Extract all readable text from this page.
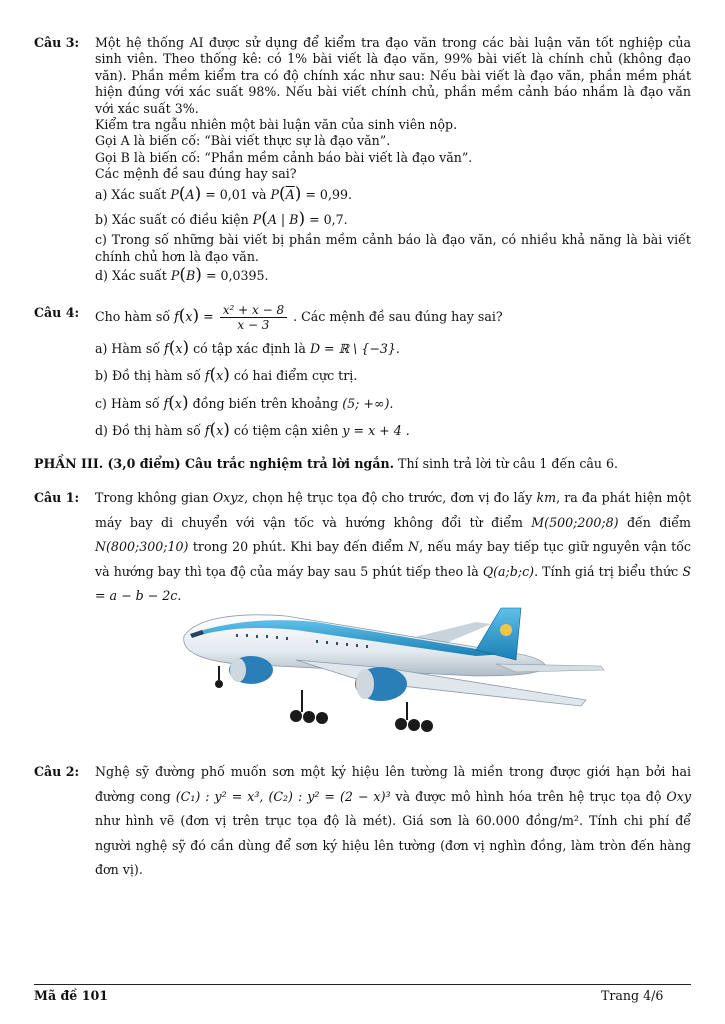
Câu 3: Một hệ thống AI được sử dụng để kiểm tra đạo văn trong các bài luận văn tốt nghiệp của sinh viên. Theo thống kê: có 1% bài viết là đạo văn, 99% bài viết là chính chủ (không đạo văn). Phần mềm kiểm tra có độ chính xác như sau: Nếu bài viết là đạo văn, phần mềm phát hiện đúng với xác suất 98%. Nếu bài viết chính chủ, phần mềm cảnh báo nhầm là đạo văn với xác suất 3%.

Kiểm tra ngẫu nhiên một bài luận văn của sinh viên nộp.

Gọi A là biến cố: “Bài viết thực sự là đạo văn”.

Gọi B là biến cố: “Phần mềm cảnh báo bài viết là đạo văn”.

Các mệnh đề sau đúng hay sai?

a) Xác suất P(A) = 0,01 và $P(\overline{A}) = 0,99$.

b) Xác suất có điều kiện P(A | B) = 0,7.

c) Trong số những bài viết bị phần mềm cảnh báo là đạo văn, có nhiều khả năng là bài viết chính chủ hơn là đạo văn.

d) Xác suất P(B) = 0,0395.

Câu 4: Cho hàm số $f(x) = \frac{\text{x² + x − 8}}{x - 3}$ . Các mệnh đề sau đúng hay sai?

a) Hàm số f(x) có tập xác định là D = ℝ \ {−3}.

b) Đồ thị hàm số f(x) có hai điểm cực trị.

c) Hàm số f(x) đồng biến trên khoảng (5; +∞).

d) Đồ thị hàm số f(x) có tiệm cận xiên y = x + 4 .

PHẦN III. (3,0 điểm) Câu trắc nghiệm trả lời ngắn. Thí sinh trả lời từ câu 1 đến câu 6.
Câu 1: Trong không gian Oxyz, chọn hệ trục tọa độ cho trước, đơn vị đo lấy km, ra đa phát hiện một máy bay di chuyển với vận tốc và hướng không đổi từ điểm M(500;200;8) đến điểm N(800;300;10) trong 20 phút. Khi bay đến điểm N, nếu máy bay tiếp tục giữ nguyên vận tốc và hướng bay thì tọa độ của máy bay sau 5 phút tiếp theo là Q(a;b;c). Tính giá trị biểu thức S = a − b − 2c.

Câu 2: Nghệ sỹ đường phố muốn sơn một ký hiệu lên tường là miền trong được giới hạn bởi hai đường cong (C₁) : y² = x³, (C₂) : y² = (2 − x)³ và được mô hình hóa trên hệ trục tọa độ Oxy như hình vẽ (đơn vị trên trục tọa độ là mét). Giá sơn là 60.000 đồng/m². Tính chi phí để người nghệ sỹ đó cần dùng để sơn ký hiệu lên tường (đơn vị nghìn đồng, làm tròn đến hàng đơn vị).

Mã đề 101	Trang 4/6
